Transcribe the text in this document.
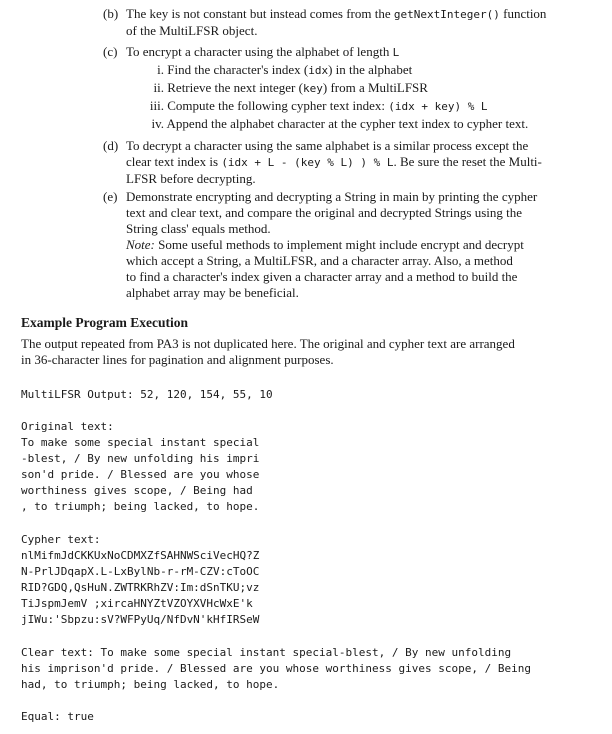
(b) The key is not constant but instead comes from the getNextInteger() function
of the MultiLFSR object.
(c) To encrypt a character using the alphabet of length L
i. Find the character's index (idx) in the alphabet
ii. Retrieve the next integer (key) from a MultiLFSR
iii. Compute the following cypher text index: (idx + key) % L
iv. Append the alphabet character at the cypher text index to cypher text.
(d) To decrypt a character using the same alphabet is a similar process except the
clear text index is (idx + L - (key % L) ) % L. Be sure the reset the Multi-
LFSR before decrypting.
(e) Demonstrate encrypting and decrypting a String in main by printing the cypher
text and clear text, and compare the original and decrypted Strings using the
String class' equals method.
Note: Some useful methods to implement might include encrypt and decrypt
which accept a String, a MultiLFSR, and a character array. Also, a method
to find a character's index given a character array and a method to build the
alphabet array may be beneficial.
Example Program Execution
The output repeated from PA3 is not duplicated here. The original and cypher text are arranged
in 36-character lines for pagination and alignment purposes.
MultiLFSR Output: 52, 120, 154, 55, 10
Original text:
To make some special instant special
-blest, / By new unfolding his impri
son'd pride. / Blessed are you whose
worthiness gives scope, / Being had
, to triumph; being lacked, to hope.
Cypher text:
nlMifmJdCKKUxNoCDMXZfSAHNWSciVecHQ?Z
N-PrlJDqapX.L-LxBylNb-r-rM-CZV:cToOC
RID?GDQ,QsHuN.ZWTRKRhZV:Im:dSnTKU;vz
TiJspmJemV ;xircaHNYZtVZOYXVHcWxE'k
jIWu:'Sbpzu:sV?WFPyUq/NfDvN'kHfIRSeW
Clear text: To make some special instant special-blest, / By new unfolding
his imprison'd pride. / Blessed are you whose worthiness gives scope, / Being
had, to triumph; being lacked, to hope.
Equal: true
